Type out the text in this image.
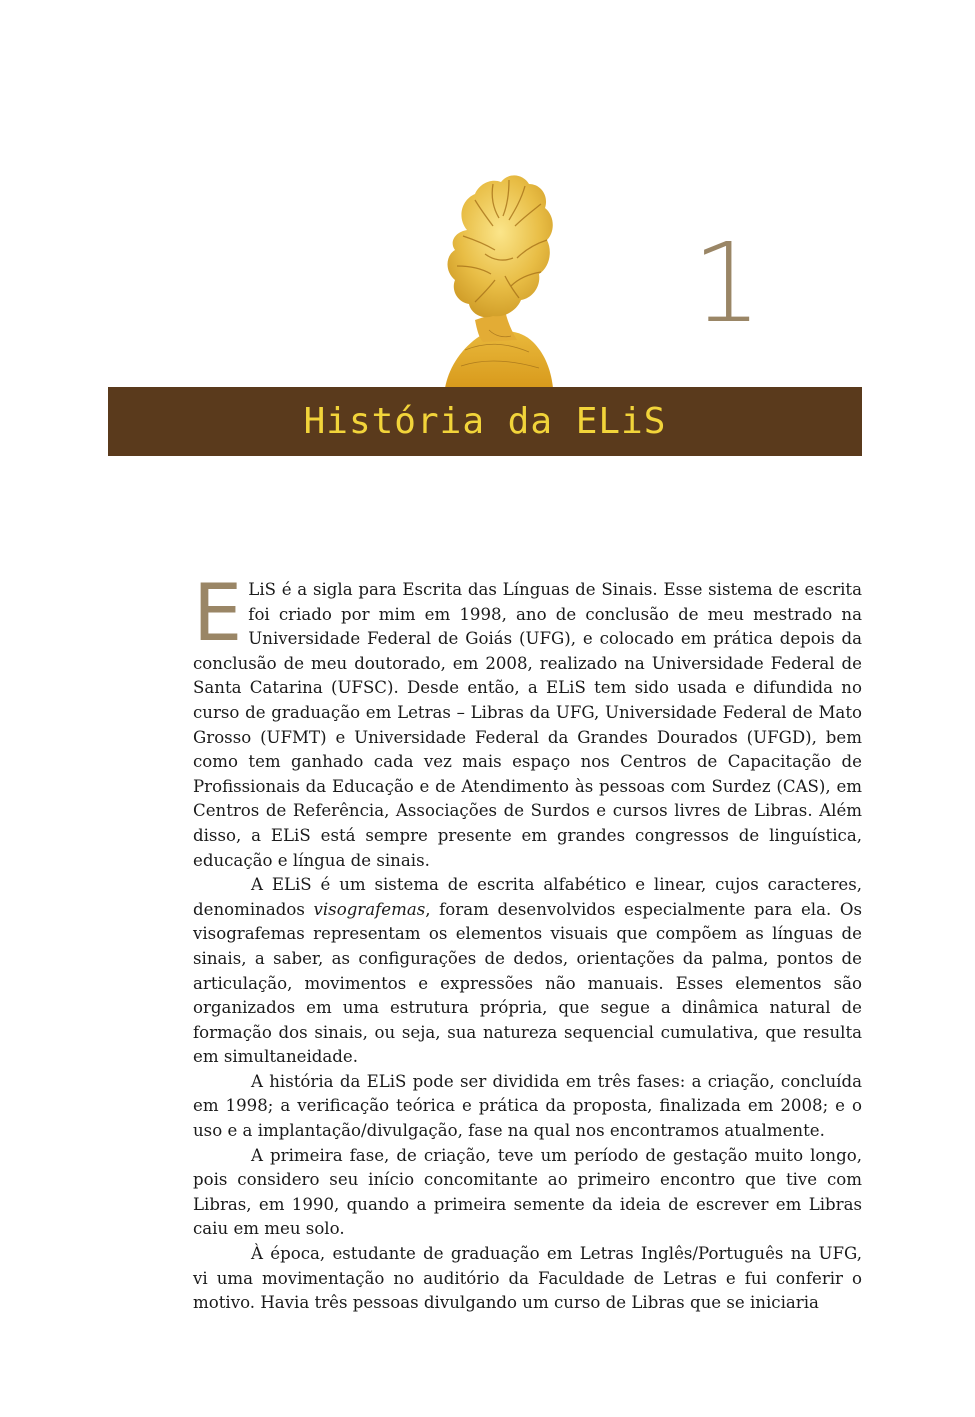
1
História da ELiS

E LiS é a sigla para Escrita das Línguas de Sinais. Esse sistema de escrita foi criado por mim em 1998, ano de conclusão de meu mestrado na Universidade Federal de Goiás (UFG), e colocado em prática depois da conclusão de meu doutorado, em 2008, realizado na Universidade Federal de Santa Catarina (UFSC). Desde então, a ELiS tem sido usada e difundida no curso de graduação em Letras – Libras da UFG, Universidade Federal de Mato Grosso (UFMT) e Universidade Federal da Grandes Dourados (UFGD), bem como tem ganhado cada vez mais espaço nos Centros de Capacitação de Profissionais da Educação e de Atendimento às pessoas com Surdez (CAS), em Centros de Referência, Associações de Surdos e cursos livres de Libras. Além disso, a ELiS está sempre presente em grandes congressos de linguística, educação e língua de sinais.

A ELiS é um sistema de escrita alfabético e linear, cujos caracteres, denominados visografemas, foram desenvolvidos especialmente para ela. Os visografemas representam os elementos visuais que compõem as línguas de sinais, a saber, as configurações de dedos, orientações da palma, pontos de articulação, movimentos e expressões não manuais. Esses elementos são organizados em uma estrutura própria, que segue a dinâmica natural de formação dos sinais, ou seja, sua natureza sequencial cumulativa, que resulta em simultaneidade.

A história da ELiS pode ser dividida em três fases: a criação, concluída em 1998; a verificação teórica e prática da proposta, finalizada em 2008; e o uso e a implantação/divulgação, fase na qual nos encontramos atualmente.

A primeira fase, de criação, teve um período de gestação muito longo, pois considero seu início concomitante ao primeiro encontro que tive com Libras, em 1990, quando a primeira semente da ideia de escrever em Libras caiu em meu solo.

À época, estudante de graduação em Letras Inglês/Português na UFG, vi uma movimentação no auditório da Faculdade de Letras e fui conferir o motivo. Havia três pessoas divulgando um curso de Libras que se iniciaria
